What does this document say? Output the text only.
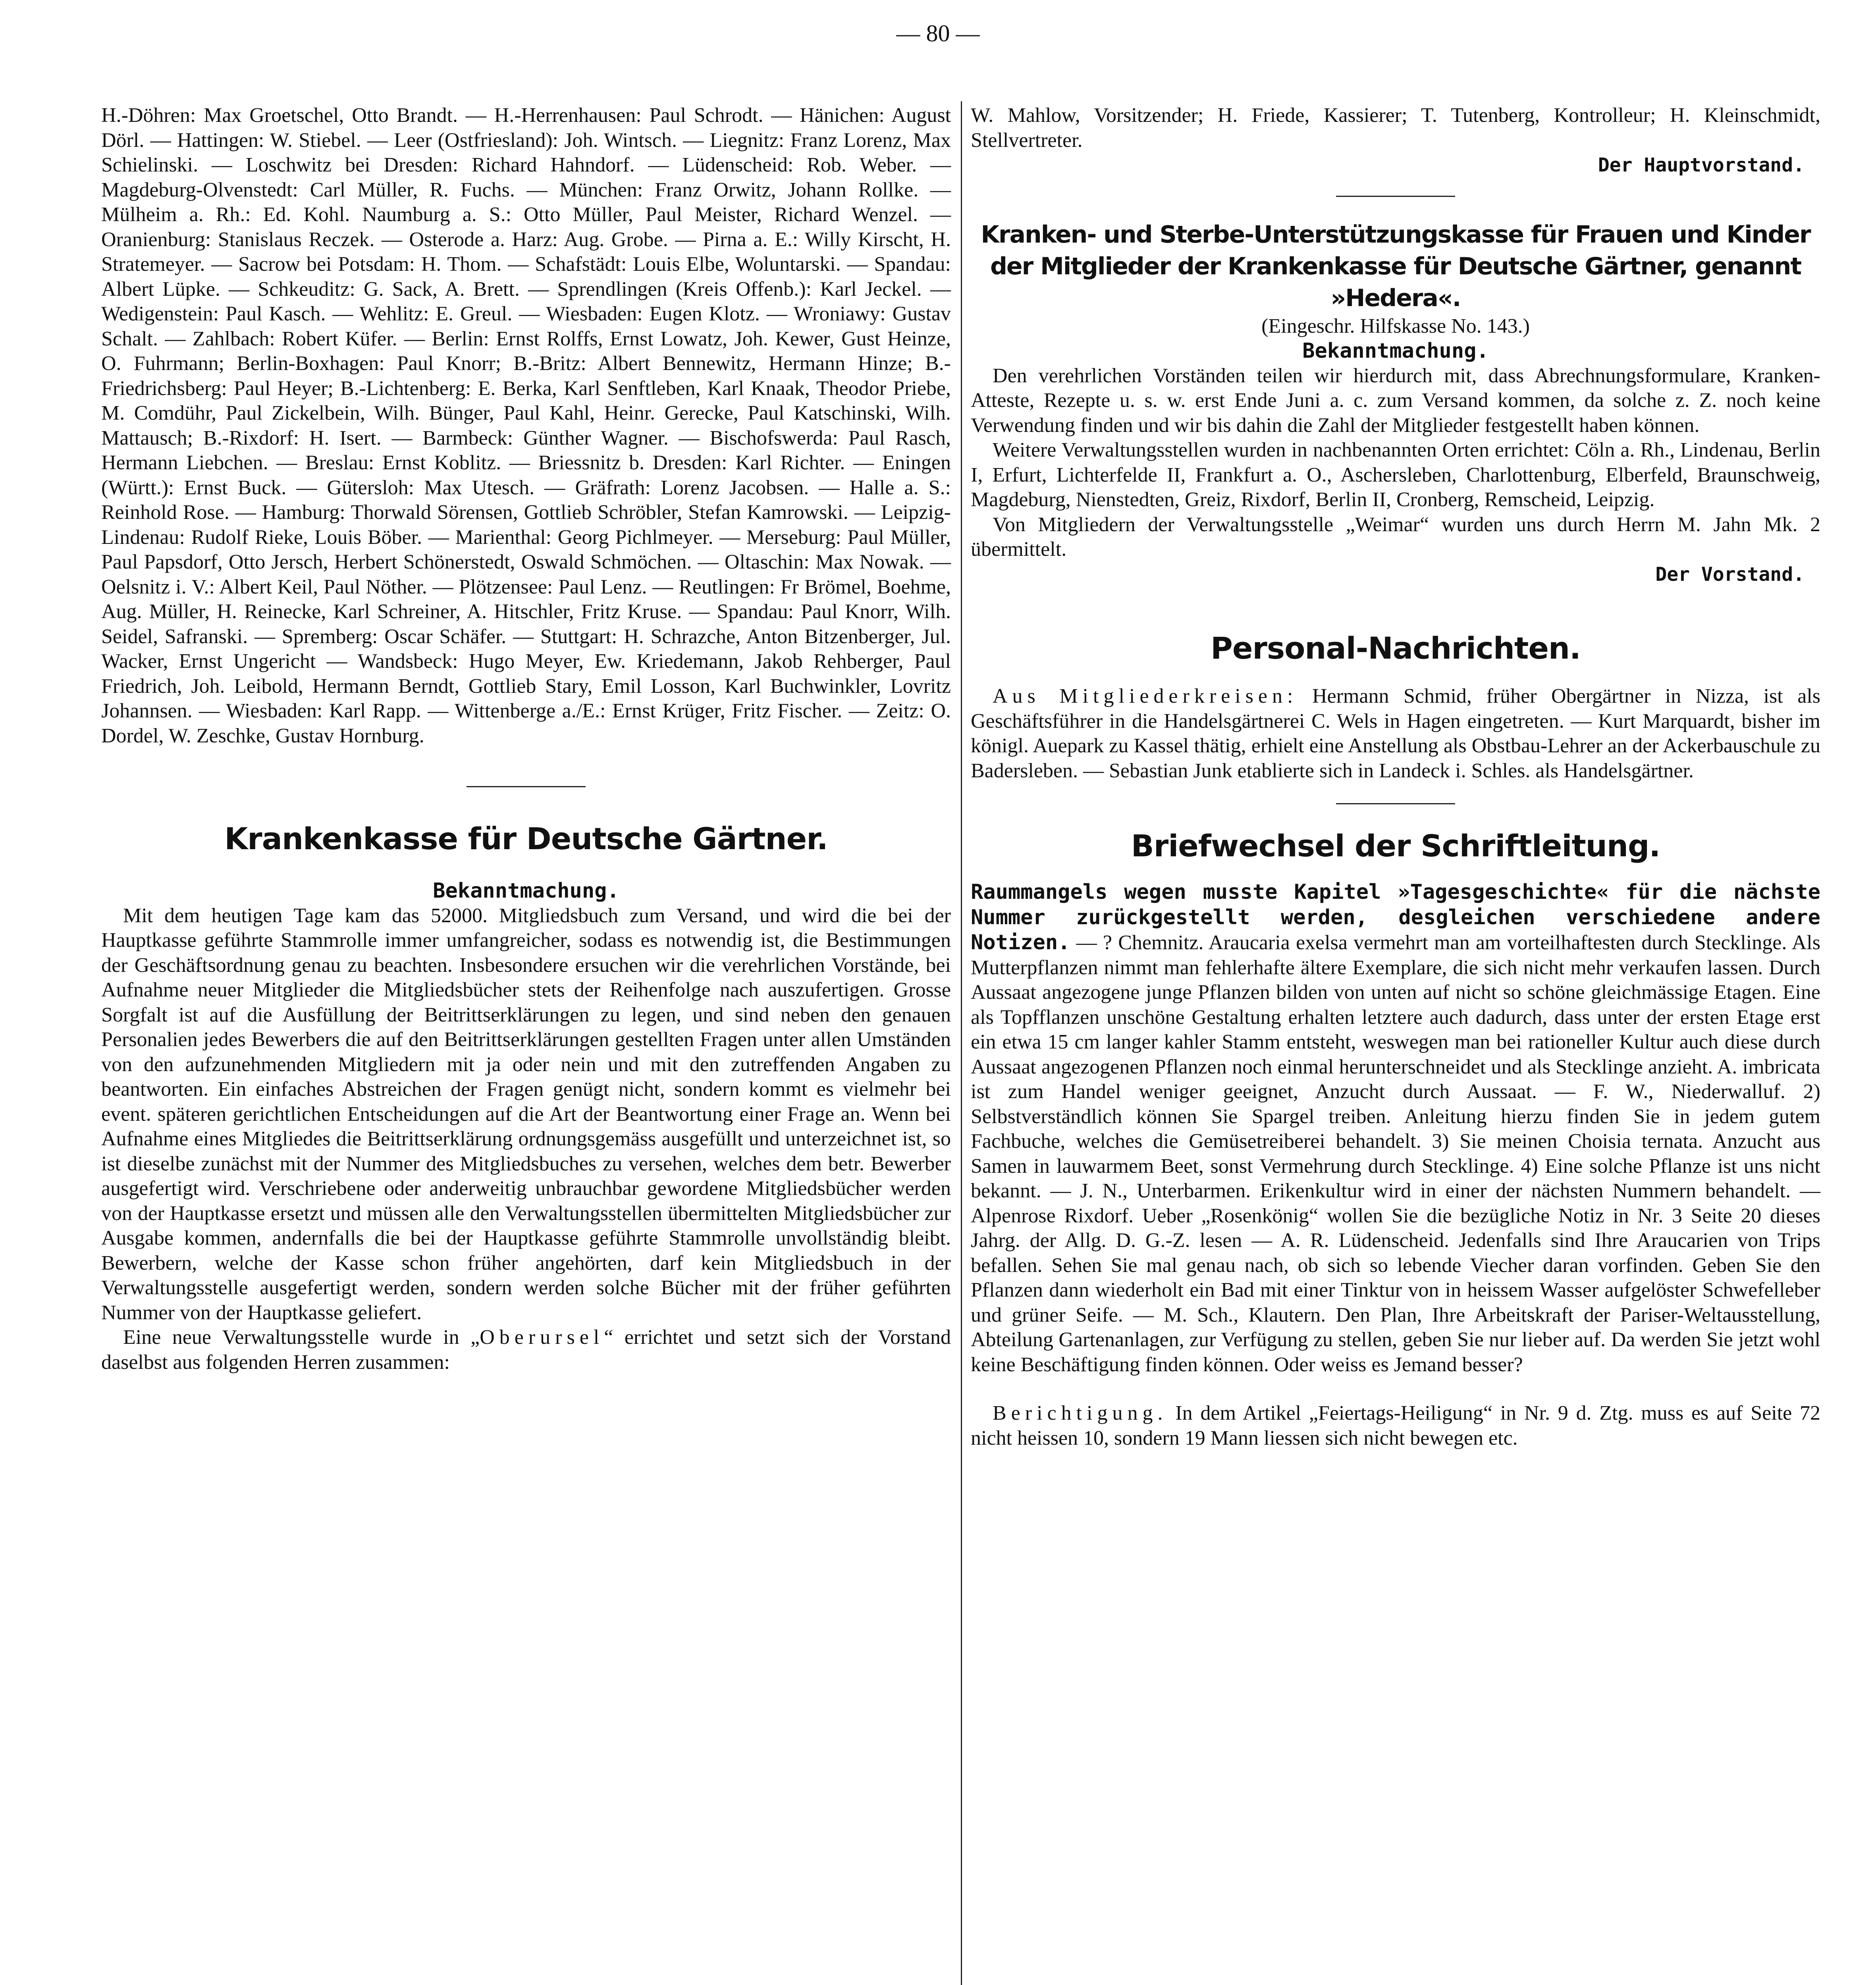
— 80 —

H.-Döhren: Max Groetschel, Otto Brandt. — H.-Herrenhausen: Paul Schrodt. — Hänichen: August Dörl. — Hattingen: W. Stiebel. — Leer (Ostfriesland): Joh. Wintsch. — Liegnitz: Franz Lorenz, Max Schielinski. — Loschwitz bei Dresden: Richard Hahndorf. — Lüdenscheid: Rob. Weber. — Magdeburg-Olvenstedt: Carl Müller, R. Fuchs. — München: Franz Orwitz, Johann Rollke. — Mülheim a. Rh.: Ed. Kohl. Naumburg a. S.: Otto Müller, Paul Meister, Richard Wenzel. — Oranienburg: Stanislaus Reczek. — Osterode a. Harz: Aug. Grobe. — Pirna a. E.: Willy Kirscht, H. Stratemeyer. — Sacrow bei Potsdam: H. Thom. — Schafstädt: Louis Elbe, Woluntarski. — Spandau: Albert Lüpke. — Schkeuditz: G. Sack, A. Brett. — Sprendlingen (Kreis Offenb.): Karl Jeckel. — Wedigenstein: Paul Kasch. — Wehlitz: E. Greul. — Wiesbaden: Eugen Klotz. — Wroniawy: Gustav Schalt. — Zahlbach: Robert Küfer. — Berlin: Ernst Rolffs, Ernst Lowatz, Joh. Kewer, Gust Heinze, O. Fuhrmann; Berlin-Boxhagen: Paul Knorr; B.-Britz: Albert Bennewitz, Hermann Hinze; B.-Friedrichsberg: Paul Heyer; B.-Lichtenberg: E. Berka, Karl Senftleben, Karl Knaak, Theodor Priebe, M. Comdühr, Paul Zickelbein, Wilh. Bünger, Paul Kahl, Heinr. Gerecke, Paul Katschinski, Wilh. Mattausch; B.-Rixdorf: H. Isert. — Barmbeck: Günther Wagner. — Bischofswerda: Paul Rasch, Hermann Liebchen. — Breslau: Ernst Koblitz. — Briessnitz b. Dresden: Karl Richter. — Eningen (Württ.): Ernst Buck. — Gütersloh: Max Utesch. — Gräfrath: Lorenz Jacobsen. — Halle a. S.: Reinhold Rose. — Hamburg: Thorwald Sörensen, Gottlieb Schröbler, Stefan Kamrowski. — Leipzig-Lindenau: Rudolf Rieke, Louis Böber. — Marienthal: Georg Pichlmeyer. — Merseburg: Paul Müller, Paul Papsdorf, Otto Jersch, Herbert Schönerstedt, Oswald Schmöchen. — Oltaschin: Max Nowak. — Oelsnitz i. V.: Albert Keil, Paul Nöther. — Plötzensee: Paul Lenz. — Reutlingen: Fr Brömel, Boehme, Aug. Müller, H. Reinecke, Karl Schreiner, A. Hitschler, Fritz Kruse. — Spandau: Paul Knorr, Wilh. Seidel, Safranski. — Spremberg: Oscar Schäfer. — Stuttgart: H. Schrazche, Anton Bitzenberger, Jul. Wacker, Ernst Ungericht — Wandsbeck: Hugo Meyer, Ew. Kriedemann, Jakob Rehberger, Paul Friedrich, Joh. Leibold, Hermann Berndt, Gottlieb Stary, Emil Losson, Karl Buchwinkler, Lovritz Johannsen. — Wiesbaden: Karl Rapp. — Wittenberge a./E.: Ernst Krüger, Fritz Fischer. — Zeitz: O. Dordel, W. Zeschke, Gustav Hornburg.

Krankenkasse für Deutsche Gärtner.
Bekanntmachung.

Mit dem heutigen Tage kam das 52000. Mitgliedsbuch zum Versand, und wird die bei der Hauptkasse geführte Stammrolle immer umfangreicher, sodass es notwendig ist, die Bestimmungen der Geschäftsordnung genau zu beachten. Insbesondere ersuchen wir die verehrlichen Vorstände, bei Aufnahme neuer Mitglieder die Mitgliedsbücher stets der Reihenfolge nach auszufertigen. Grosse Sorgfalt ist auf die Ausfüllung der Beitrittserklärungen zu legen, und sind neben den genauen Personalien jedes Bewerbers die auf den Beitrittserklärungen gestellten Fragen unter allen Umständen von den aufzunehmenden Mitgliedern mit ja oder nein und mit den zutreffenden Angaben zu beantworten. Ein einfaches Abstreichen der Fragen genügt nicht, sondern kommt es vielmehr bei event. späteren gerichtlichen Entscheidungen auf die Art der Beantwortung einer Frage an. Wenn bei Aufnahme eines Mitgliedes die Beitrittserklärung ordnungsgemäss ausgefüllt und unterzeichnet ist, so ist dieselbe zunächst mit der Nummer des Mitgliedsbuches zu versehen, welches dem betr. Bewerber ausgefertigt wird. Verschriebene oder anderweitig unbrauchbar gewordene Mitgliedsbücher werden von der Hauptkasse ersetzt und müssen alle den Verwaltungsstellen übermittelten Mitgliedsbücher zur Ausgabe kommen, andernfalls die bei der Hauptkasse geführte Stammrolle unvollständig bleibt. Bewerbern, welche der Kasse schon früher angehörten, darf kein Mitgliedsbuch in der Verwaltungsstelle ausgefertigt werden, sondern werden solche Bücher mit der früher geführten Nummer von der Hauptkasse geliefert.

Eine neue Verwaltungsstelle wurde in „Oberursel“ errichtet und setzt sich der Vorstand daselbst aus folgenden Herren zusammen:

W. Mahlow, Vorsitzender; H. Friede, Kassierer; T. Tutenberg, Kontrolleur; H. Kleinschmidt, Stellvertreter.

Der Hauptvorstand.

Kranken- und Sterbe-Unterstützungskasse für Frauen und Kinder der Mitglieder der Krankenkasse für Deutsche Gärtner, genannt »Hedera«.

(Eingeschr. Hilfskasse No. 143.)

Bekanntmachung.

Den verehrlichen Vorständen teilen wir hierdurch mit, dass Abrechnungsformulare, Kranken-Atteste, Rezepte u. s. w. erst Ende Juni a. c. zum Versand kommen, da solche z. Z. noch keine Verwendung finden und wir bis dahin die Zahl der Mitglieder festgestellt haben können.

Weitere Verwaltungsstellen wurden in nachbenannten Orten errichtet: Cöln a. Rh., Lindenau, Berlin I, Erfurt, Lichterfelde II, Frankfurt a. O., Aschersleben, Charlottenburg, Elberfeld, Braunschweig, Magdeburg, Nienstedten, Greiz, Rixdorf, Berlin II, Cronberg, Remscheid, Leipzig.

Von Mitgliedern der Verwaltungsstelle „Weimar“ wurden uns durch Herrn M. Jahn Mk. 2 übermittelt.

Der Vorstand.

Personal-Nachrichten.

Aus Mitgliederkreisen: Hermann Schmid, früher Obergärtner in Nizza, ist als Geschäftsführer in die Handelsgärtnerei C. Wels in Hagen eingetreten. — Kurt Marquardt, bisher im königl. Auepark zu Kassel thätig, erhielt eine Anstellung als Obstbau-Lehrer an der Ackerbauschule zu Badersleben. — Sebastian Junk etablierte sich in Landeck i. Schles. als Handelsgärtner.

Briefwechsel der Schriftleitung.

Raummangels wegen musste Kapitel »Tagesgeschichte« für die nächste Nummer zurückgestellt werden, desgleichen verschiedene andere Notizen. — ? Chemnitz. Araucaria exelsa vermehrt man am vorteilhaftesten durch Stecklinge. Als Mutterpflanzen nimmt man fehlerhafte ältere Exemplare, die sich nicht mehr verkaufen lassen. Durch Aussaat angezogene junge Pflanzen bilden von unten auf nicht so schöne gleichmässige Etagen. Eine als Topfflanzen unschöne Gestaltung erhalten letztere auch dadurch, dass unter der ersten Etage erst ein etwa 15 cm langer kahler Stamm entsteht, weswegen man bei rationeller Kultur auch diese durch Aussaat angezogenen Pflanzen noch einmal herunterschneidet und als Stecklinge anzieht. A. imbricata ist zum Handel weniger geeignet, Anzucht durch Aussaat. — F. W., Niederwalluf. 2) Selbstverständlich können Sie Spargel treiben. Anleitung hierzu finden Sie in jedem gutem Fachbuche, welches die Gemüsetreiberei behandelt. 3) Sie meinen Choisia ternata. Anzucht aus Samen in lauwarmem Beet, sonst Vermehrung durch Stecklinge. 4) Eine solche Pflanze ist uns nicht bekannt. — J. N., Unterbarmen. Erikenkultur wird in einer der nächsten Nummern behandelt. — Alpenrose Rixdorf. Ueber „Rosenkönig“ wollen Sie die bezügliche Notiz in Nr. 3 Seite 20 dieses Jahrg. der Allg. D. G.-Z. lesen — A. R. Lüdenscheid. Jedenfalls sind Ihre Araucarien von Trips befallen. Sehen Sie mal genau nach, ob sich so lebende Viecher daran vorfinden. Geben Sie den Pflanzen dann wiederholt ein Bad mit einer Tinktur von in heissem Wasser aufgelöster Schwefelleber und grüner Seife. — M. Sch., Klautern. Den Plan, Ihre Arbeitskraft der Pariser-Weltausstellung, Abteilung Gartenanlagen, zur Verfügung zu stellen, geben Sie nur lieber auf. Da werden Sie jetzt wohl keine Beschäftigung finden können. Oder weiss es Jemand besser?

Berichtigung. In dem Artikel „Feiertags-Heiligung“ in Nr. 9 d. Ztg. muss es auf Seite 72 nicht heissen 10, sondern 19 Mann liessen sich nicht bewegen etc.
